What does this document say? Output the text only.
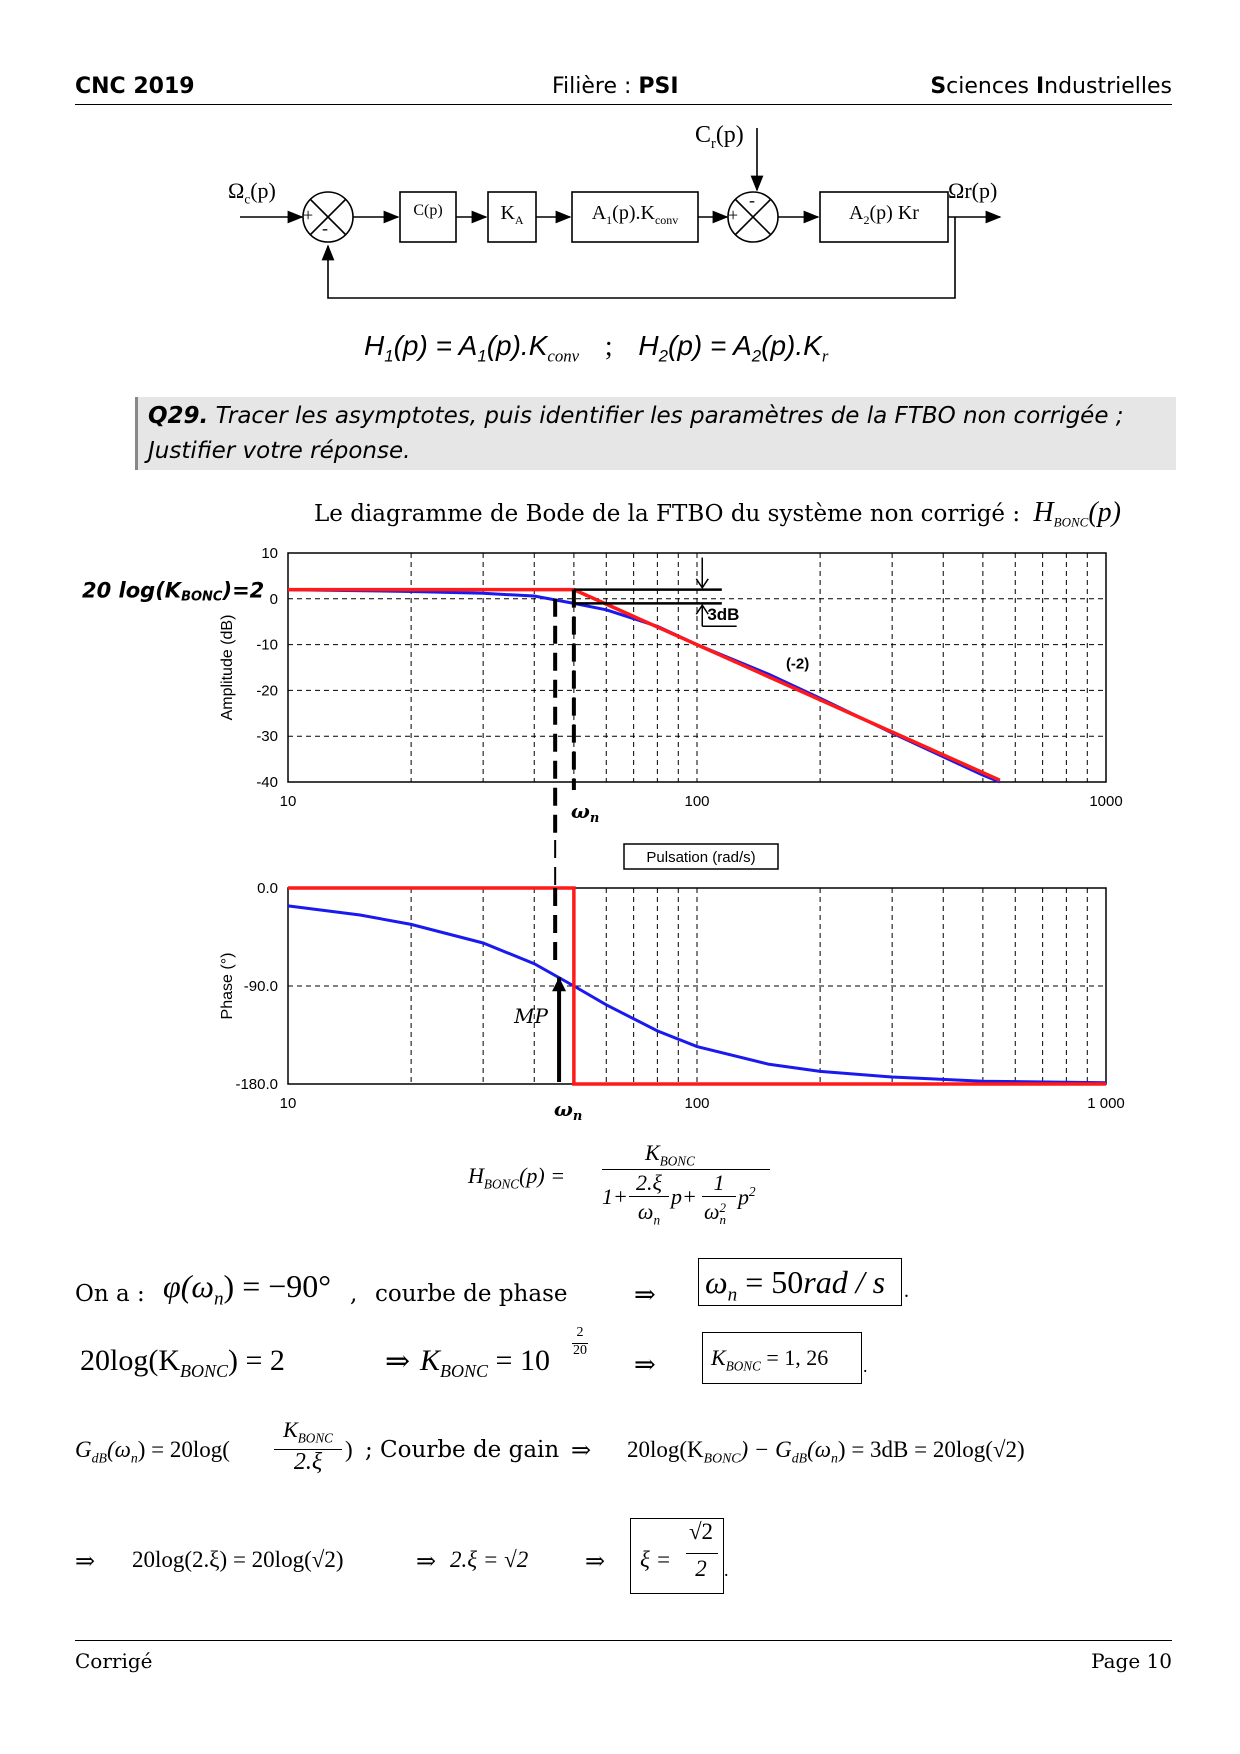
CNC 2019	Filière : PSI	Sciences Industrielles
$\Omega_c(p)$
$C_r(p)$
Ωr(p)
+
-
+
-
C(p)	$K_A$	$A_1(p).K_{conv}$	$A_2(p)$ Kr
$H_1(p) = A_1(p).K_{conv}$ ; $H_2(p) = A_2(p).K_r$
Q29. Tracer les asymptotes, puis identifier les paramètres de la FTBO non corrigée ; Justifier votre réponse.
Le diagramme de Bode de la FTBO du système non corrigé : $H_{BONC}(p)$
10
0
-10
-20
-30
-40
10	100	1000
Amplitude (dB)
3dB
(-2)
20 log(KBONC)=2
$\omega_n$
Pulsation (rad/s)
0.0
-90.0
-180.0
10	100	1 000
Phase (°)	MP
$\omega_n$
$H_{BONC}(p)$ =
$K_{BONC}$
1+
2.ξ
$\omega_n$
p+
1
ω2
n
$p^2$
On a : $\varphi(\omega_n) = -90^\circ$ , courbe de phase	⇒ $\omega_n = 50rad / s$ .
$20\log(K_{BONC}) = 2$	⇒ $K_{BONC} = 10$
2
20 ⇒	$K_{BONC} = 1$, 26	.
$G_{dB}(\omega_n) = 20\log$(
$K_{BONC}$
2.ξ ) ; Courbe de gain ⇒ $20\log(K_{BONC}) - G_{dB}(\omega_n) = 3dB = 20\log(√2)$
⇒ 20log(2.ξ) = 20log(√2)	⇒ 2.ξ = √2 ⇒ ξ =
√2
2 .
Corrigé	Page 10
